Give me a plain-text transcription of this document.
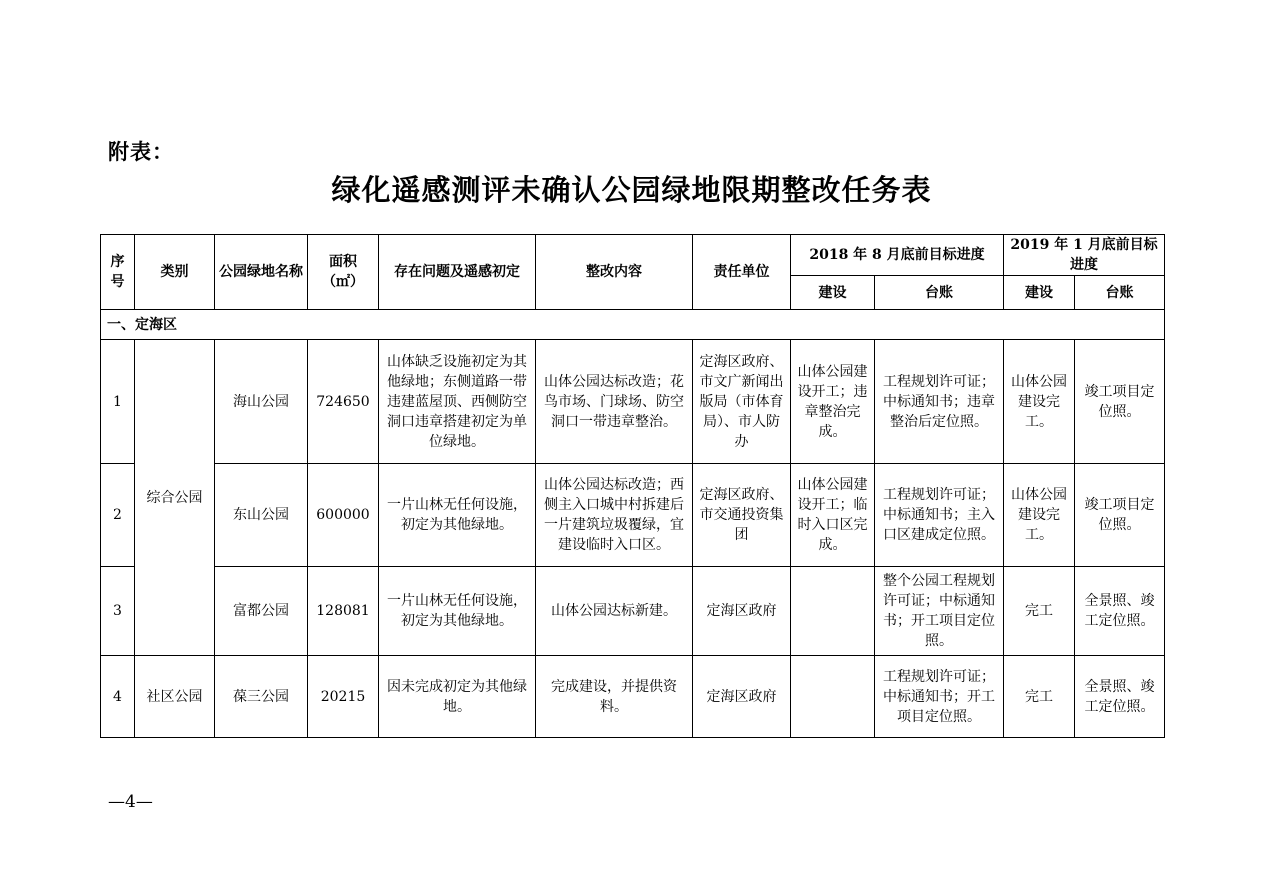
附表：
绿化遥感测评未确认公园绿地限期整改任务表
序号	类别	公园绿地名称	面积（㎡）	存在问题及遥感初定	整改内容	责任单位	2018 年 8 月底前目标进度		2019 年 1 月底前目标进度	
							建设	台账	建设	台账
一、定海区										
1	综合公园	海山公园	724650	山体缺乏设施初定为其他绿地；东侧道路一带违建蓝屋顶、西侧防空洞口违章搭建初定为单位绿地。	山体公园达标改造；花鸟市场、门球场、防空洞口一带违章整治。	定海区政府、市文广新闻出版局（市体育局）、市人防办	山体公园建设开工；违章整治完成。	工程规划许可证；中标通知书；违章整治后定位照。	山体公园建设完工。	竣工项目定位照。
2		东山公园	600000	一片山林无任何设施，初定为其他绿地。	山体公园达标改造；西侧主入口城中村拆建后一片建筑垃圾覆绿，宜建设临时入口区。	定海区政府、市交通投资集团	山体公园建设开工；临时入口区完成。	工程规划许可证；中标通知书；主入口区建成定位照。	山体公园建设完工。	竣工项目定位照。
3		富都公园	128081	一片山林无任何设施，初定为其他绿地。	山体公园达标新建。	定海区政府		整个公园工程规划许可证；中标通知书；开工项目定位照。	完工	全景照、竣工定位照。
4	社区公园	葆三公园	20215	因未完成初定为其他绿地。	完成建设，并提供资料。	定海区政府		工程规划许可证；中标通知书；开工项目定位照。	完工	全景照、竣工定位照。
—4—
